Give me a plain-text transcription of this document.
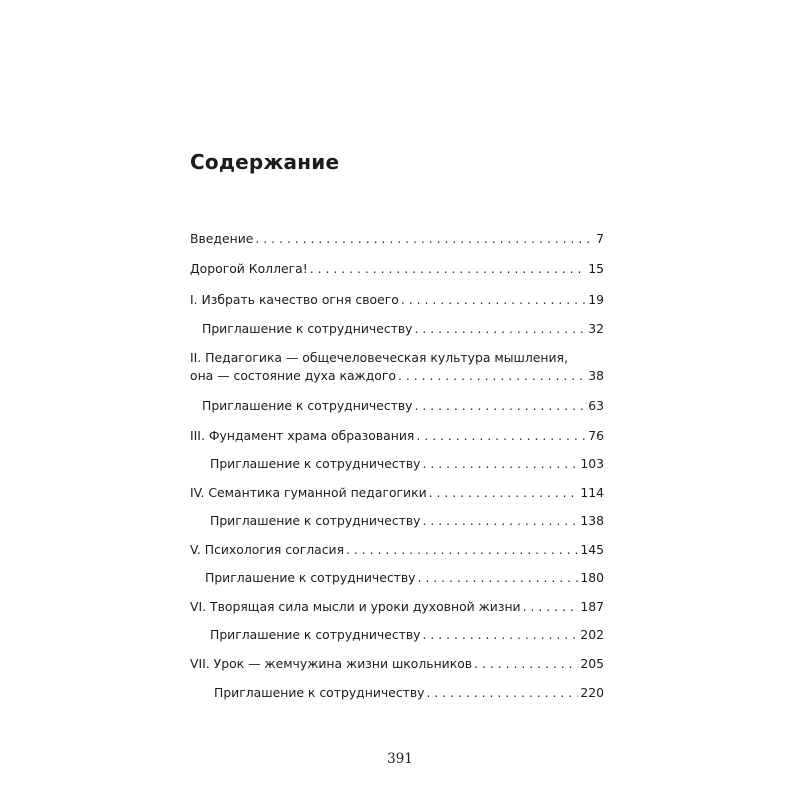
Содержание
Введение . . .	7
Дорогой Коллега! . . .	15
I. Избрать качество огня своего . . .	19
Приглашение к сотрудничеству . . .	32
II. Педагогика — общечеловеческая культура мышления,
она — состояние духа каждого . . .	38
Приглашение к сотрудничеству . . .	63
III. Фундамент храма образования . . .	76
Приглашение к сотрудничеству . . .	103
IV. Семантика гуманной педагогики . . .	114
Приглашение к сотрудничеству . . .	138
V. Психология согласия . . .	145
Приглашение к сотрудничеству . . .	180
VI. Творящая сила мысли и уроки духовной жизни . . .	187
Приглашение к сотрудничеству . . .	202
VII. Урок — жемчужина жизни школьников . . .	205
Приглашение к сотрудничеству . . .	220
391
